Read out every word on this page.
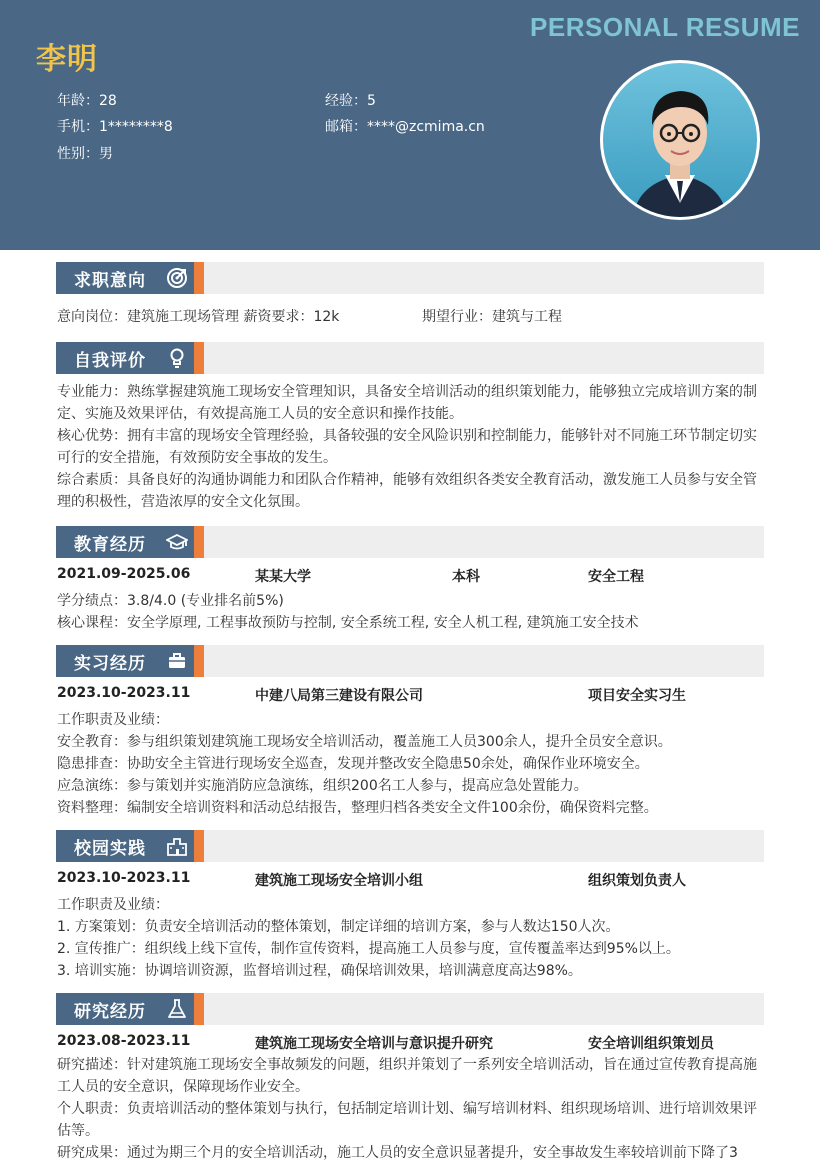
PERSONAL RESUME
李明
年龄：28	经验：5
手机：1********8	邮箱：****@zcmima.cn
性别：男
求职意向
意向岗位：建筑施工现场管理 薪资要求：12k	期望行业：建筑与工程
自我评价
专业能力：熟练掌握建筑施工现场安全管理知识，具备安全培训活动的组织策划能力，能够独立完成培训方案的制定、实施及效果评估，有效提高施工人员的安全意识和操作技能。
核心优势：拥有丰富的现场安全管理经验，具备较强的安全风险识别和控制能力，能够针对不同施工环节制定切实可行的安全措施，有效预防安全事故的发生。
综合素质：具备良好的沟通协调能力和团队合作精神，能够有效组织各类安全教育活动，激发施工人员参与安全管理的积极性，营造浓厚的安全文化氛围。
教育经历
2021.09-2025.06	某某大学	本科	安全工程
学分绩点：3.8/4.0 (专业排名前5%)
核心课程：安全学原理, 工程事故预防与控制, 安全系统工程, 安全人机工程, 建筑施工安全技术
实习经历
2023.10-2023.11	中建八局第三建设有限公司	项目安全实习生
工作职责及业绩：
安全教育：参与组织策划建筑施工现场安全培训活动，覆盖施工人员300余人，提升全员安全意识。
隐患排查：协助安全主管进行现场安全巡查，发现并整改安全隐患50余处，确保作业环境安全。
应急演练：参与策划并实施消防应急演练，组织200名工人参与，提高应急处置能力。
资料整理：编制安全培训资料和活动总结报告，整理归档各类安全文件100余份，确保资料完整。
校园实践
2023.10-2023.11	建筑施工现场安全培训小组	组织策划负责人
工作职责及业绩：
1. 方案策划：负责安全培训活动的整体策划，制定详细的培训方案，参与人数达150人次。
2. 宣传推广：组织线上线下宣传，制作宣传资料，提高施工人员参与度，宣传覆盖率达到95%以上。
3. 培训实施：协调培训资源，监督培训过程，确保培训效果，培训满意度高达98%。
研究经历
2023.08-2023.11	建筑施工现场安全培训与意识提升研究	安全培训组织策划员
研究描述：针对建筑施工现场安全事故频发的问题，组织并策划了一系列安全培训活动，旨在通过宣传教育提高施工人员的安全意识，保障现场作业安全。
个人职责：负责培训活动的整体策划与执行，包括制定培训计划、编写培训材料、组织现场培训、进行培训效果评估等。
研究成果：通过为期三个月的安全培训活动，施工人员的安全意识显著提升，安全事故发生率较培训前下降了3
